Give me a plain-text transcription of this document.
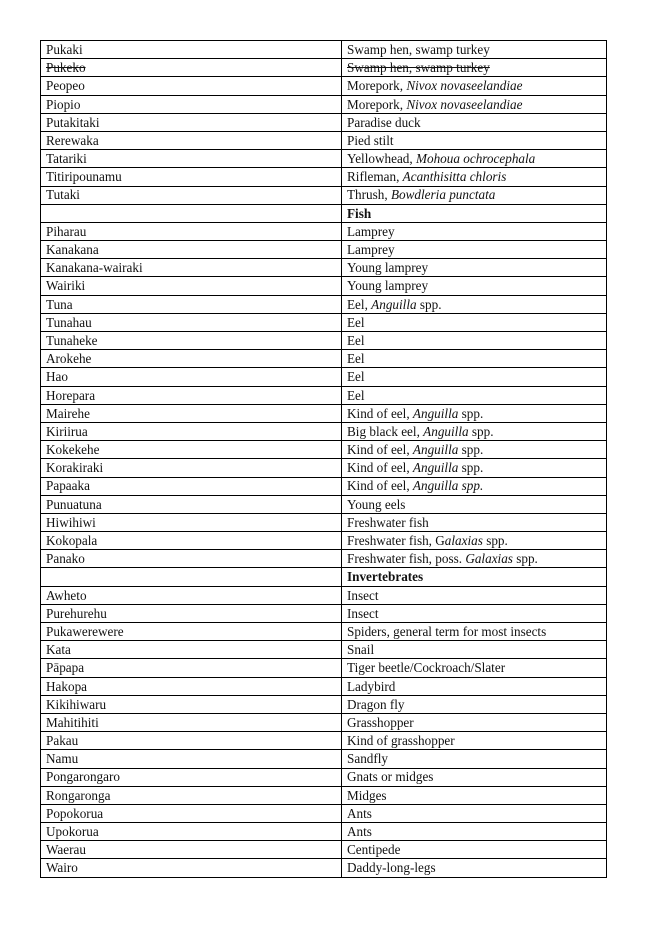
Pukaki	Swamp hen, swamp turkey
Pukeko	Swamp hen, swamp turkey
Peopeo	Morepork, Nivox novaseelandiae
Piopio	Morepork, Nivox novaseelandiae
Putakitaki	Paradise duck
Rerewaka	Pied stilt
Tatariki	Yellowhead, Mohoua ochrocephala
Titiripounamu	Rifleman, Acanthisitta chloris
Tutaki	Thrush, Bowdleria punctata
	Fish
Piharau	Lamprey
Kanakana	Lamprey
Kanakana-wairaki	Young lamprey
Wairiki	Young lamprey
Tuna	Eel, Anguilla spp.
Tunahau	Eel
Tunaheke	Eel
Arokehe	Eel
Hao	Eel
Horepara	Eel
Mairehe	Kind of eel, Anguilla spp.
Kiriirua	Big black eel, Anguilla spp.
Kokekehe	Kind of eel, Anguilla spp.
Korakiraki	Kind of eel, Anguilla spp.
Papaaka	Kind of eel, Anguilla spp.
Punuatuna	Young eels
Hiwihiwi	Freshwater fish
Kokopala	Freshwater fish, Galaxias spp.
Panako	Freshwater fish, poss. Galaxias spp.
	Invertebrates
Awheto	Insect
Purehurehu	Insect
Pukawerewere	Spiders, general term for most insects
Kata	Snail
Pāpapa	Tiger beetle/Cockroach/Slater
Hakopa	Ladybird
Kikihiwaru	Dragon fly
Mahitihiti	Grasshopper
Pakau	Kind of grasshopper
Namu	Sandfly
Pongarongaro	Gnats or midges
Rongaronga	Midges
Popokorua	Ants
Upokorua	Ants
Waerau	Centipede
Wairo	Daddy-long-legs
